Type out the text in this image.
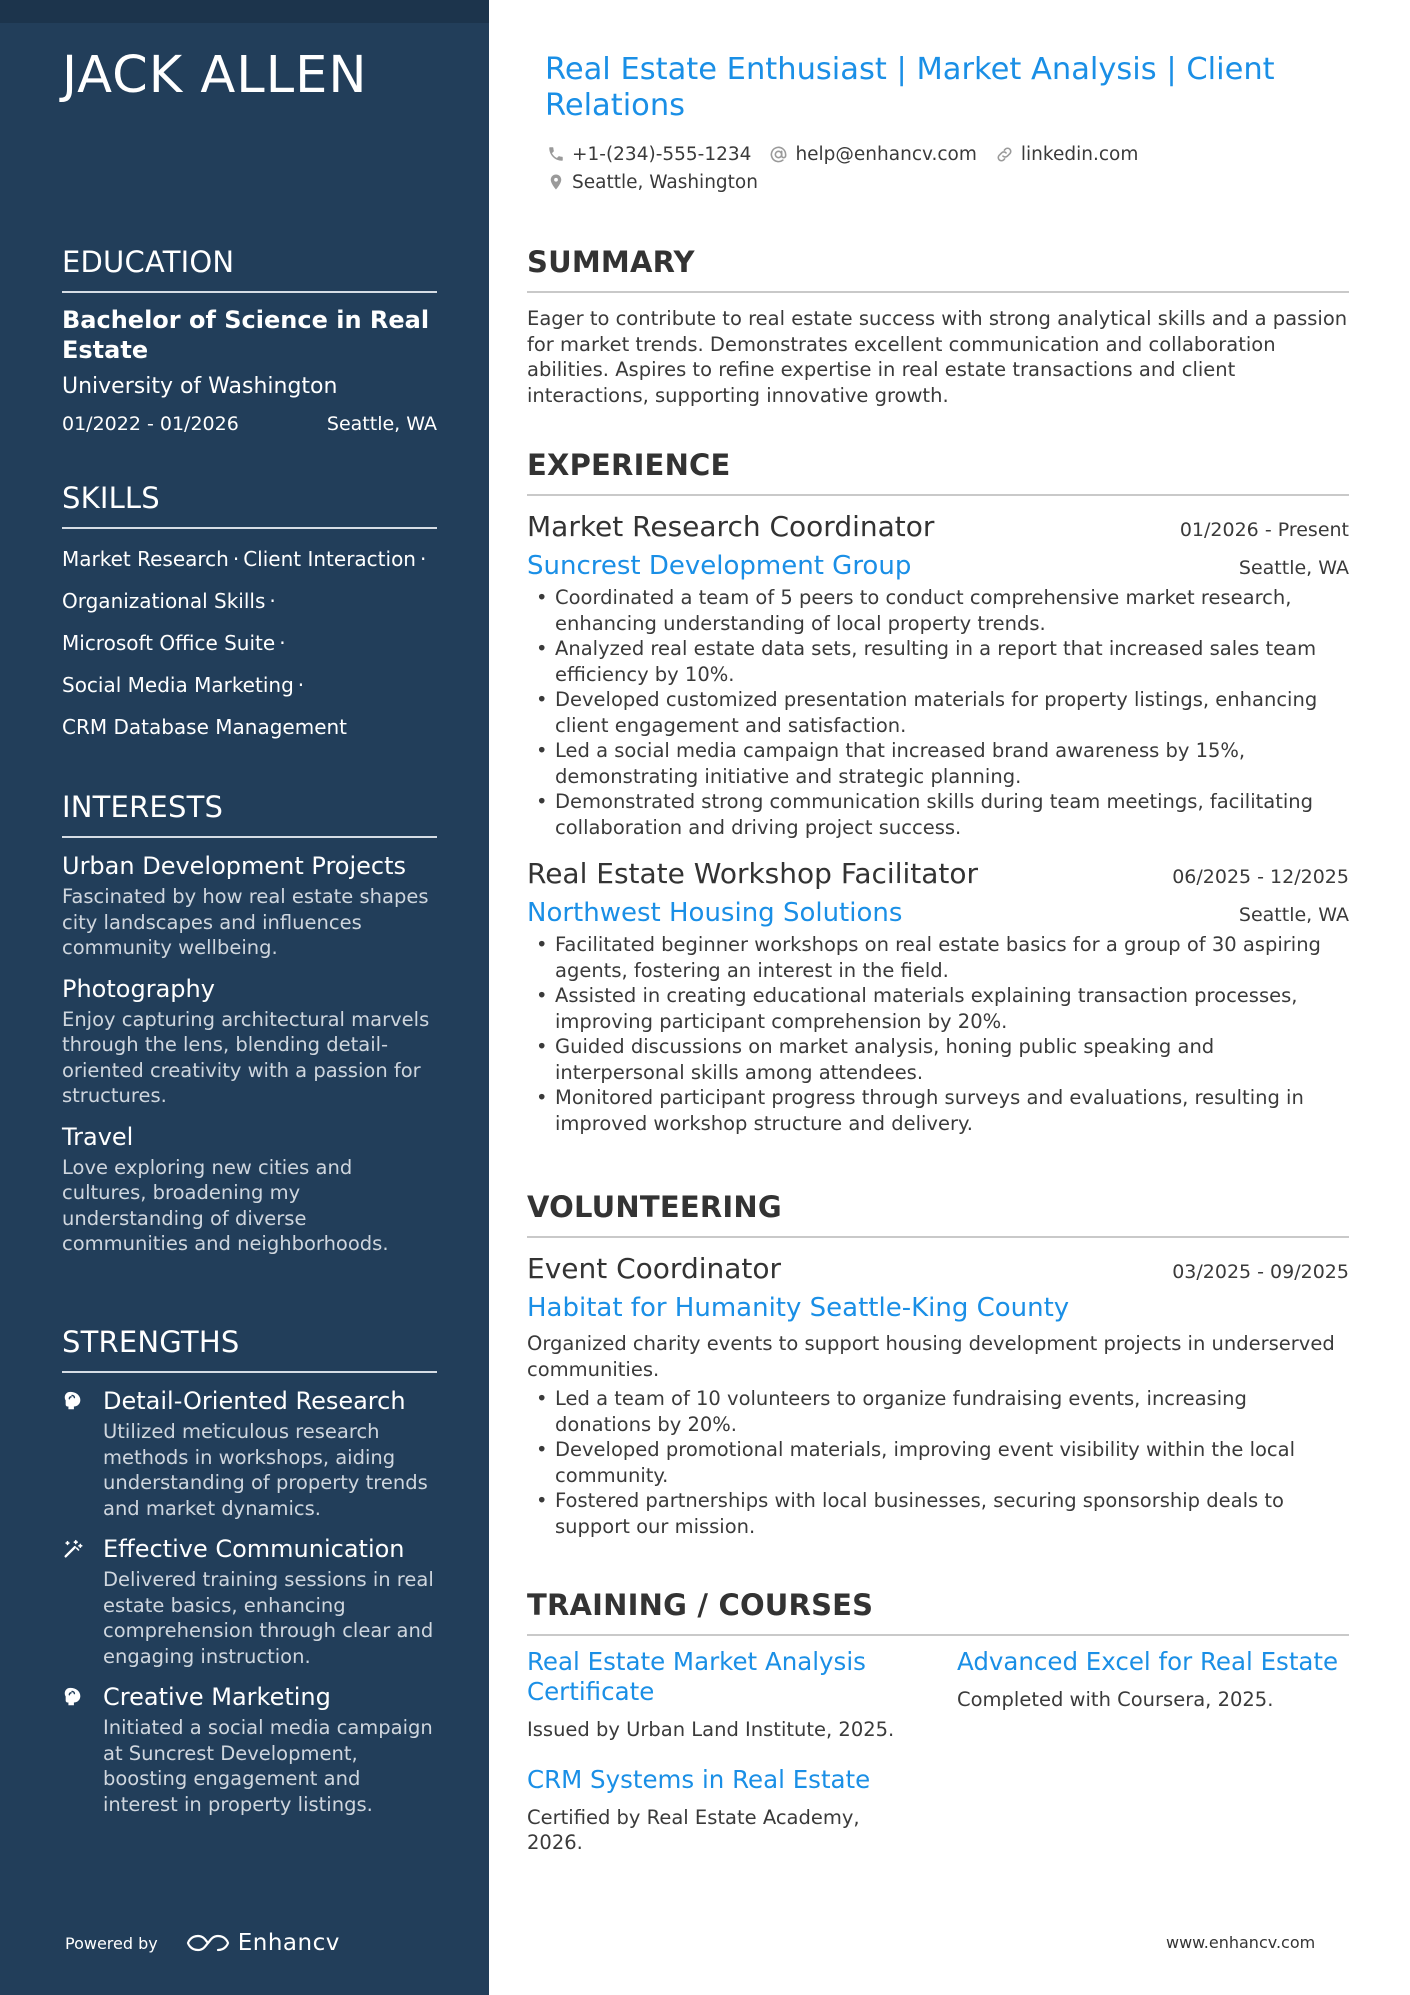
JACK ALLEN
EDUCATION
Bachelor of Science in Real Estate
University of Washington
01/2022 - 01/2026	Seattle, WA
SKILLS
Market Research · Client Interaction ·
Organizational Skills ·
Microsoft Office Suite ·
Social Media Marketing ·
CRM Database Management
INTERESTS
Urban Development Projects
Fascinated by how real estate shapes city landscapes and influences community wellbeing.
Photography
Enjoy capturing architectural marvels through the lens, blending detail-oriented creativity with a passion for structures.
Travel
Love exploring new cities and cultures, broadening my understanding of diverse communities and neighborhoods.
STRENGTHS
Detail-Oriented Research
Utilized meticulous research methods in workshops, aiding understanding of property trends and market dynamics.
Effective Communication
Delivered training sessions in real estate basics, enhancing comprehension through clear and engaging instruction.
Creative Marketing
Initiated a social media campaign at Suncrest Development, boosting engagement and interest in property listings.
Powered by	Enhancv
Real Estate Enthusiast | Market Analysis | Client Relations
+1-(234)-555-1234 help@enhancv.com linkedin.com
Seattle, Washington
SUMMARY

Eager to contribute to real estate success with strong analytical skills and a passion for market trends. Demonstrates excellent communication and collaboration abilities. Aspires to refine expertise in real estate transactions and client interactions, supporting innovative growth.

EXPERIENCE
Market Research Coordinator	01/2026 - Present
Suncrest Development Group	Seattle, WA
• Coordinated a team of 5 peers to conduct comprehensive market research, enhancing understanding of local property trends.
• Analyzed real estate data sets, resulting in a report that increased sales team efficiency by 10%.
• Developed customized presentation materials for property listings, enhancing client engagement and satisfaction.
• Led a social media campaign that increased brand awareness by 15%, demonstrating initiative and strategic planning.
• Demonstrated strong communication skills during team meetings, facilitating collaboration and driving project success.
Real Estate Workshop Facilitator	06/2025 - 12/2025
Northwest Housing Solutions	Seattle, WA
• Facilitated beginner workshops on real estate basics for a group of 30 aspiring agents, fostering an interest in the field.
• Assisted in creating educational materials explaining transaction processes, improving participant comprehension by 20%.
• Guided discussions on market analysis, honing public speaking and interpersonal skills among attendees.
• Monitored participant progress through surveys and evaluations, resulting in improved workshop structure and delivery.
VOLUNTEERING
Event Coordinator	03/2025 - 09/2025
Habitat for Humanity Seattle-King County

Organized charity events to support housing development projects in underserved communities.

• Led a team of 10 volunteers to organize fundraising events, increasing donations by 20%.
• Developed promotional materials, improving event visibility within the local community.
• Fostered partnerships with local businesses, securing sponsorship deals to support our mission.
TRAINING / COURSES
Real Estate Market Analysis Certificate
Issued by Urban Land Institute, 2025.
CRM Systems in Real Estate
Certified by Real Estate Academy, 2026.
Advanced Excel for Real Estate
Completed with Coursera, 2025.
www.enhancv.com
